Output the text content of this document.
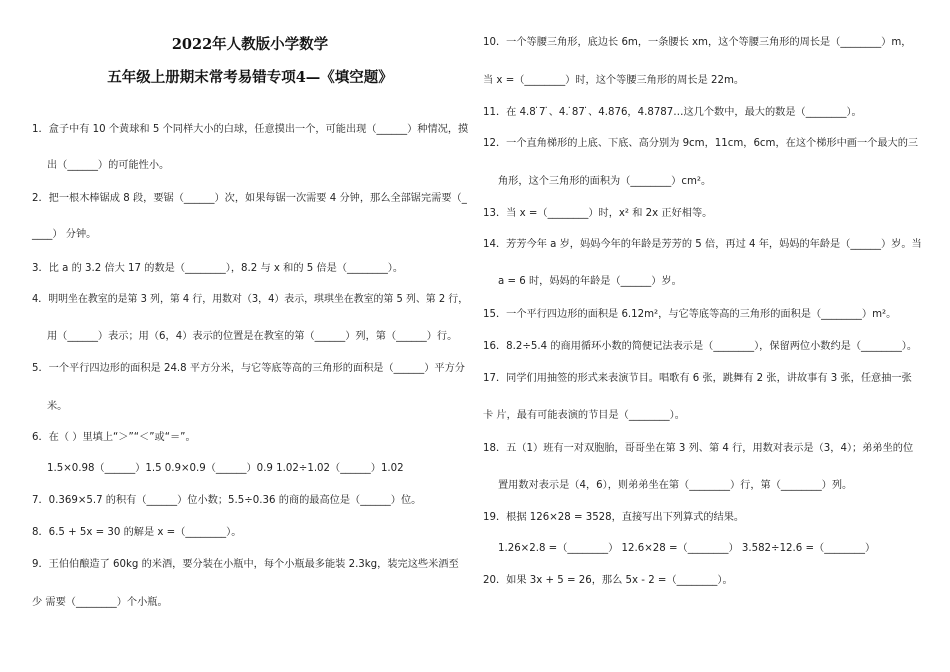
2022年人教版小学数学
五年级上册期末常考易错专项4—《填空题》
1．盒子中有 10 个黄球和 5 个同样大小的白球，任意摸出一个，可能出现（______）种情况，摸
出（______）的可能性小。
2．把一根木棒锯成 8 段，要锯（______）次，如果每锯一次需要 4 分钟，那么全部锯完需要（_
____） 分钟。
3．比 a 的 3.2 倍大 17 的数是（________），8.2 与 x 和的 5 倍是（________）。
4．明明坐在教室的是第 3 列，第 4 行，用数对（3，4）表示，琪琪坐在教室的第 5 列、第 2 行，
用（______）表示；用（6，4）表示的位置是在教室的第（______）列，第（______）行。
5．一个平行四边形的面积是 24.8 平方分米，与它等底等高的三角形的面积是（______）平方分
米。
6．在（ ）里填上“＞”“＜”或“＝”。
1.5×0.98（______）1.5 0.9×0.9（______）0.9 1.02÷1.02（______）1.02
7．0.369×5.7 的积有（______）位小数；5.5÷0.36 的商的最高位是（______）位。
8．6.5 + 5x = 30 的解是 x =（________）。
9．王伯伯酿造了 60kg 的米酒，要分装在小瓶中，每个小瓶最多能装 2.3kg，装完这些米酒至
少 需要（________）个小瓶。
10．一个等腰三角形，底边长 6m，一条腰长 xm，这个等腰三角形的周长是（________）m，
当 x =（________）时，这个等腰三角形的周长是 22m。
11．在 4.8 ̇7 ̇、4. ̇87 ̇、4.876，4.8787…这几个数中，最大的数是（________）。
12．一个直角梯形的上底、下底、高分别为 9cm，11cm，6cm，在这个梯形中画一个最大的三
角形，这个三角形的面积为（________）cm²。
13．当 x =（________）时，x² 和 2x 正好相等。
14．芳芳今年 a 岁，妈妈今年的年龄是芳芳的 5 倍，再过 4 年，妈妈的年龄是（______）岁。当
a = 6 时，妈妈的年龄是（______）岁。
15．一个平行四边形的面积是 6.12m²，与它等底等高的三角形的面积是（________）m²。
16．8.2÷5.4 的商用循环小数的简便记法表示是（________），保留两位小数约是（________）。
17．同学们用抽签的形式来表演节目。唱歌有 6 张，跳舞有 2 张，讲故事有 3 张，任意抽一张
卡 片，最有可能表演的节目是（________）。
18．五（1）班有一对双胞胎，哥哥坐在第 3 列、第 4 行，用数对表示是（3，4）；弟弟坐的位
置用数对表示是（4，6），则弟弟坐在第（________）行，第（________）列。
19．根据 126×28 = 3528，直接写出下列算式的结果。
1.26×2.8 =（________） 12.6×28 =（________） 3.582÷12.6 =（________）
20．如果 3x + 5 = 26，那么 5x - 2 =（________）。
